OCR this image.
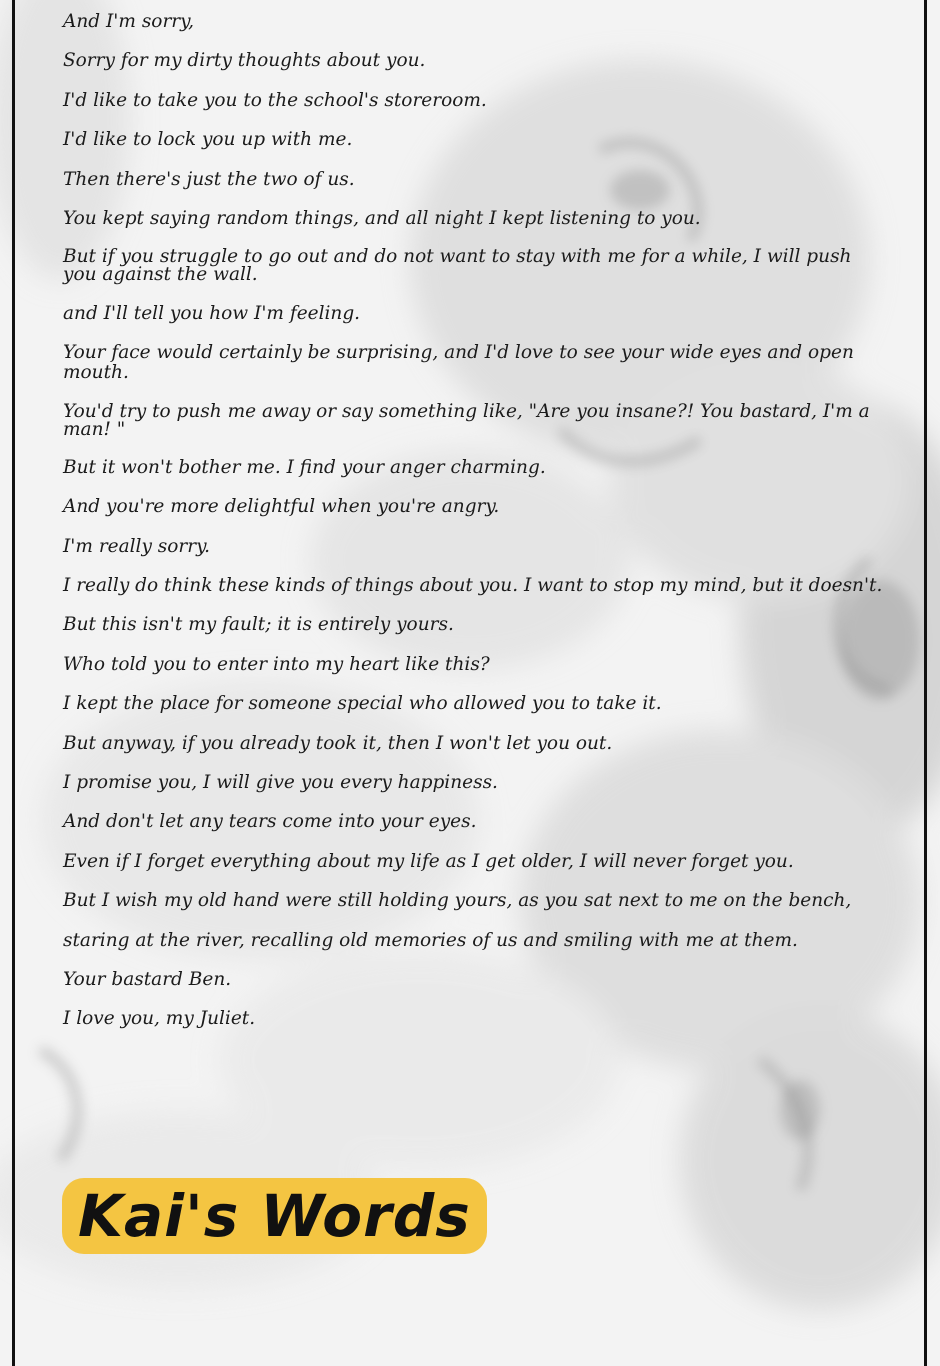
And I'm sorry,

Sorry for my dirty thoughts about you.

I'd like to take you to the school's storeroom.

I'd like to lock you up with me.

Then there's just the two of us.

You kept saying random things, and all night I kept listening to you.

But if you struggle to go out and do not want to stay with me for a while, I will push you against the wall.

and I'll tell you how I'm feeling.

Your face would certainly be surprising, and I'd love to see your wide eyes and open mouth.

You'd try to push me away or say something like, "Are you insane?! You bastard, I'm a man! "

But it won't bother me. I find your anger charming.

And you're more delightful when you're angry.

I'm really sorry.

I really do think these kinds of things about you. I want to stop my mind, but it doesn't.

But this isn't my fault; it is entirely yours.

Who told you to enter into my heart like this?

I kept the place for someone special who allowed you to take it.

But anyway, if you already took it, then I won't let you out.

I promise you, I will give you every happiness.

And don't let any tears come into your eyes.

Even if I forget everything about my life as I get older, I will never forget you.

But I wish my old hand were still holding yours, as you sat next to me on the bench,

staring at the river, recalling old memories of us and smiling with me at them.

Your bastard Ben.

I love you, my Juliet.

Kai's Words
